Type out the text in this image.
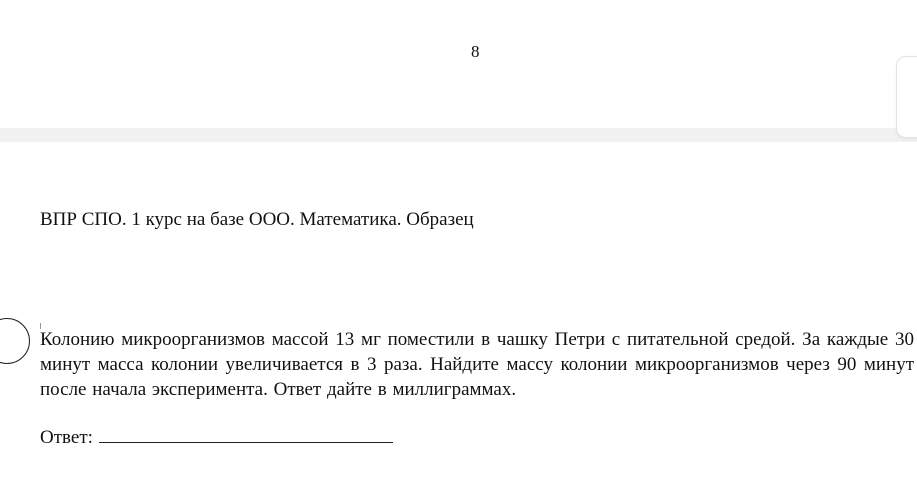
8
ВПР СПО. 1 курс на базе ООО. Математика. Образец
Колонию микроорганизмов массой 13 мг поместили в чашку Петри с питательной средой. За каждые 30 минут масса колонии увеличивается в 3 раза. Найдите массу колонии микроорганизмов через 90 минут после начала эксперимента. Ответ дайте в миллиграммах.
Ответ:
